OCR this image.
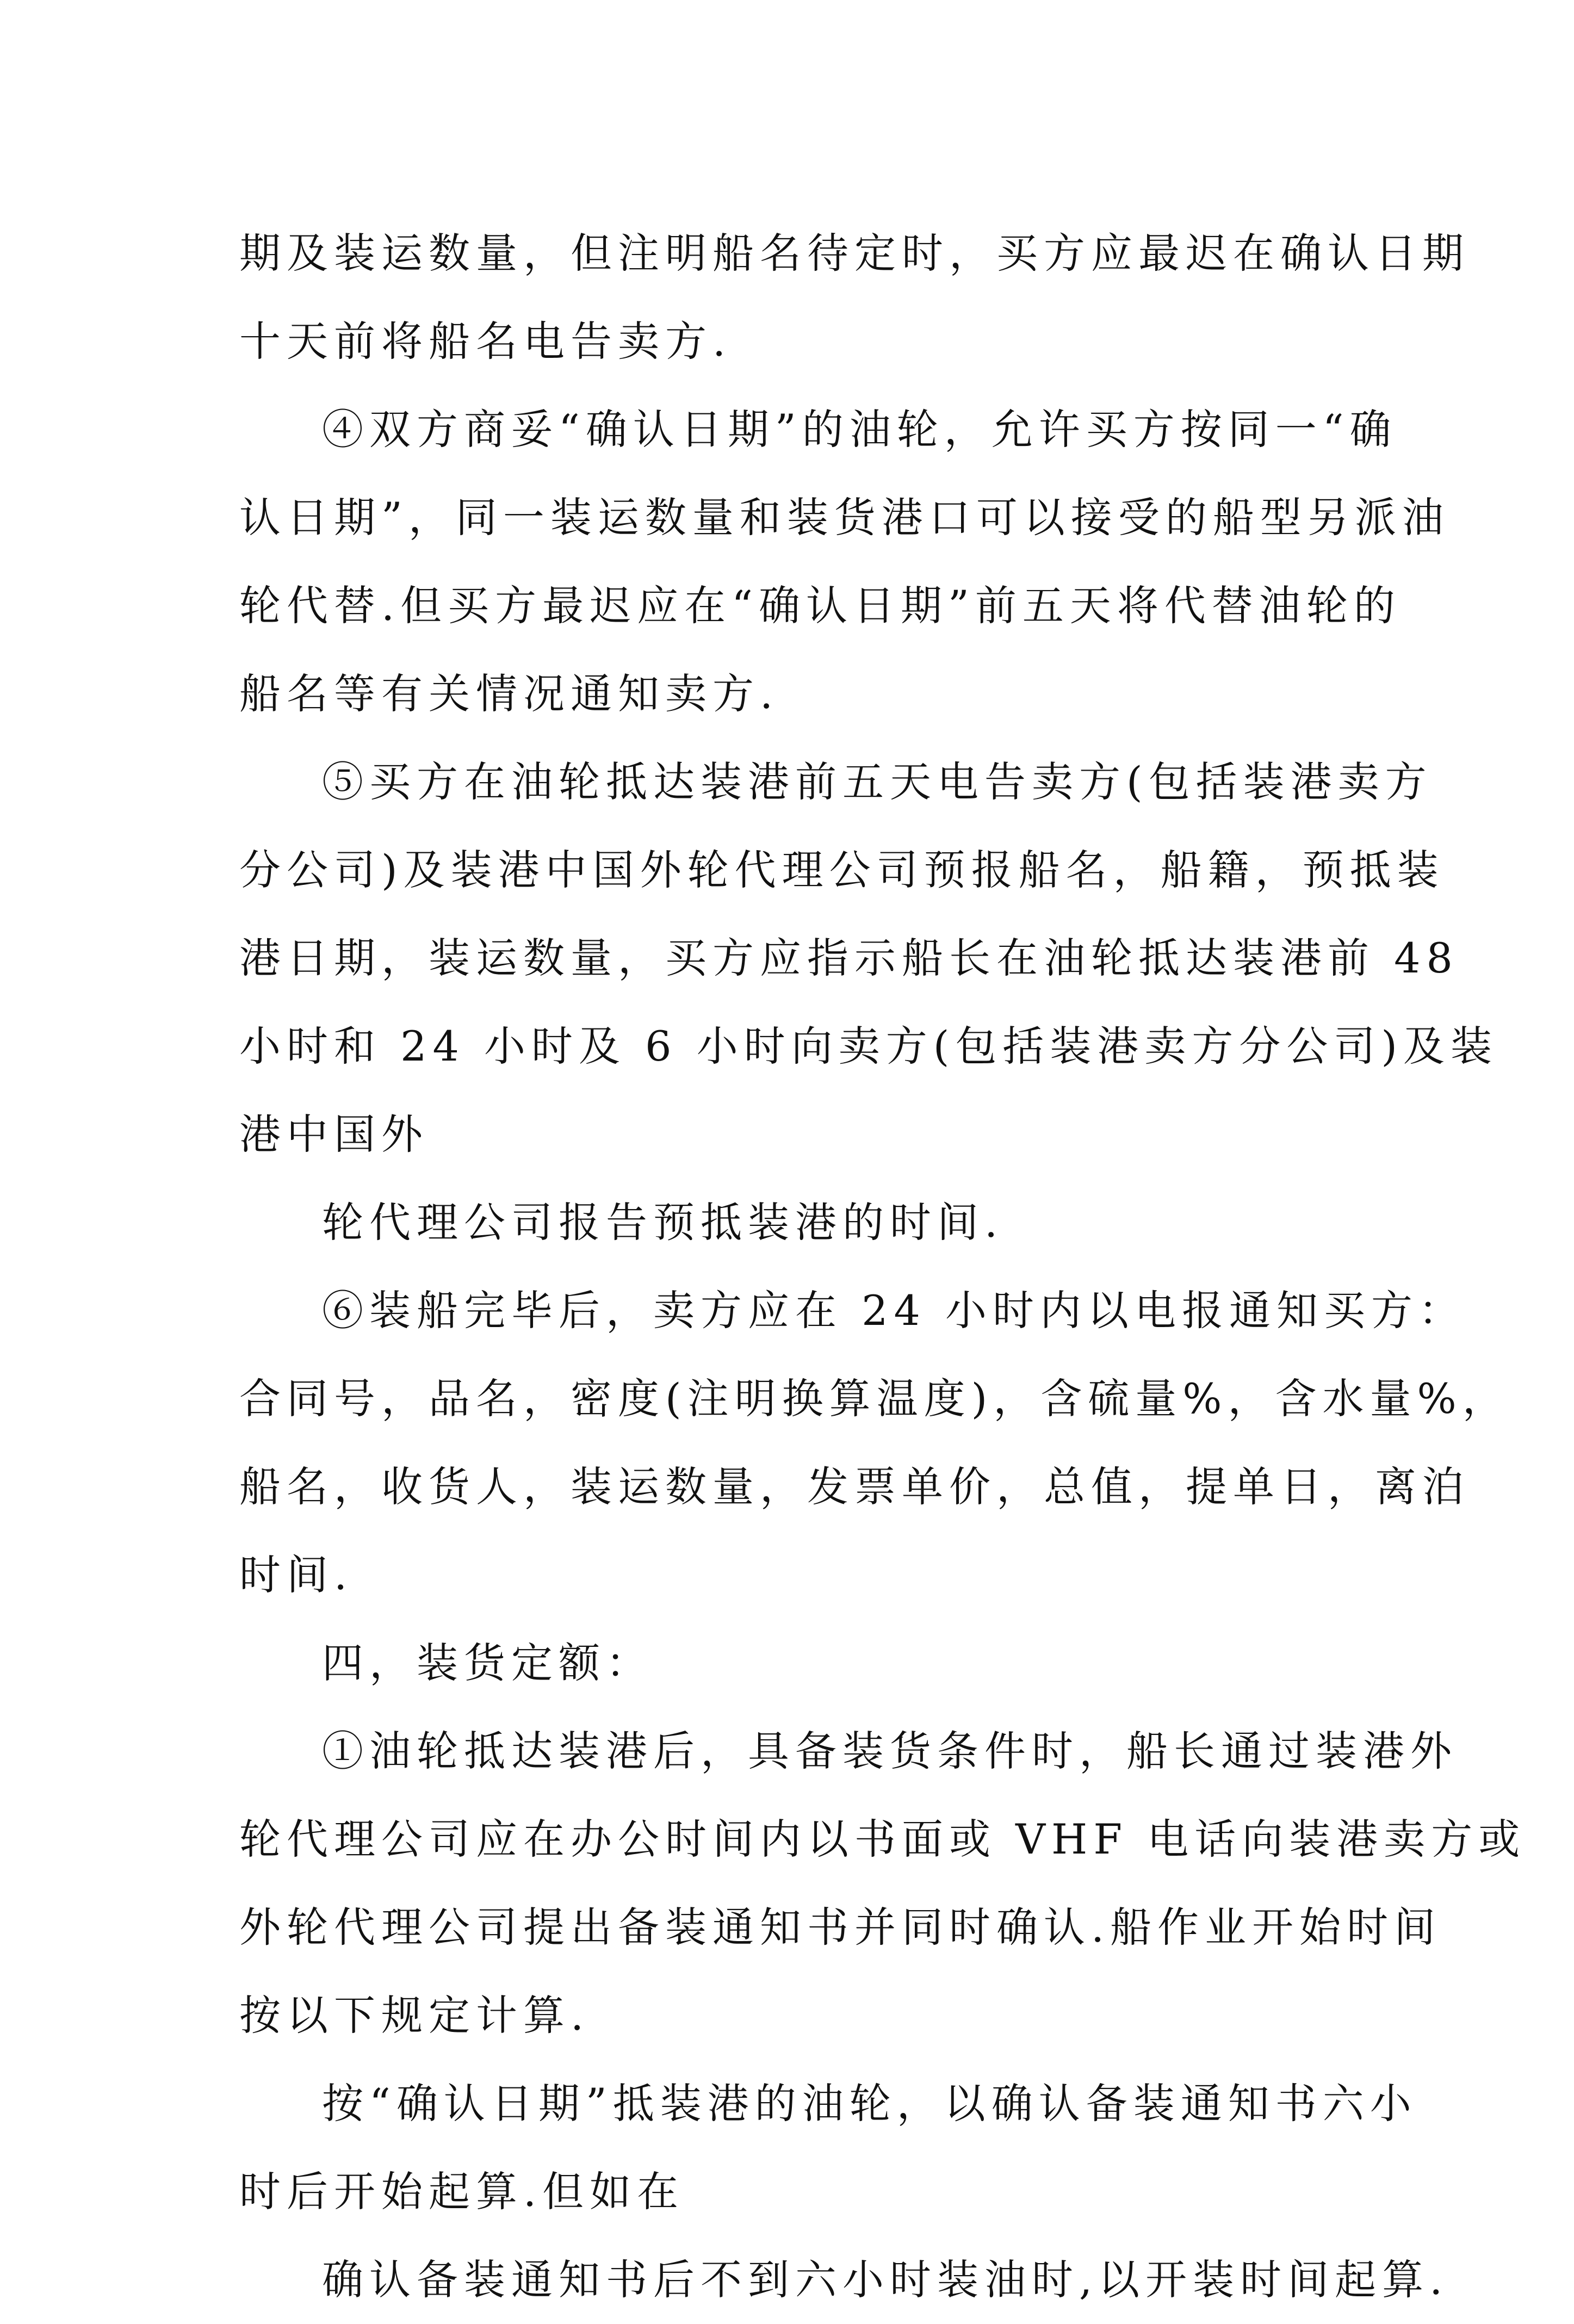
期及装运数量，但注明船名待定时，买方应最迟在确认日期
十天前将船名电告卖方.
④双方商妥“确认日期”的油轮，允许买方按同一“确
认日期”，同一装运数量和装货港口可以接受的船型另派油
轮代替.但买方最迟应在“确认日期”前五天将代替油轮的
船名等有关情况通知卖方.
⑤买方在油轮抵达装港前五天电告卖方(包括装港卖方
分公司)及装港中国外轮代理公司预报船名，船籍，预抵装
港日期，装运数量，买方应指示船长在油轮抵达装港前 48
小时和 24 小时及 6 小时向卖方(包括装港卖方分公司)及装
港中国外
轮代理公司报告预抵装港的时间.
⑥装船完毕后，卖方应在 24 小时内以电报通知买方：
合同号，品名，密度(注明换算温度)，含硫量%，含水量%，
船名，收货人，装运数量，发票单价，总值，提单日，离泊
时间.
四，装货定额：
①油轮抵达装港后，具备装货条件时，船长通过装港外
轮代理公司应在办公时间内以书面或 VHF 电话向装港卖方或
外轮代理公司提出备装通知书并同时确认.船作业开始时间
按以下规定计算.
按“确认日期”抵装港的油轮，以确认备装通知书六小
时后开始起算.但如在
确认备装通知书后不到六小时装油时,以开装时间起算.
